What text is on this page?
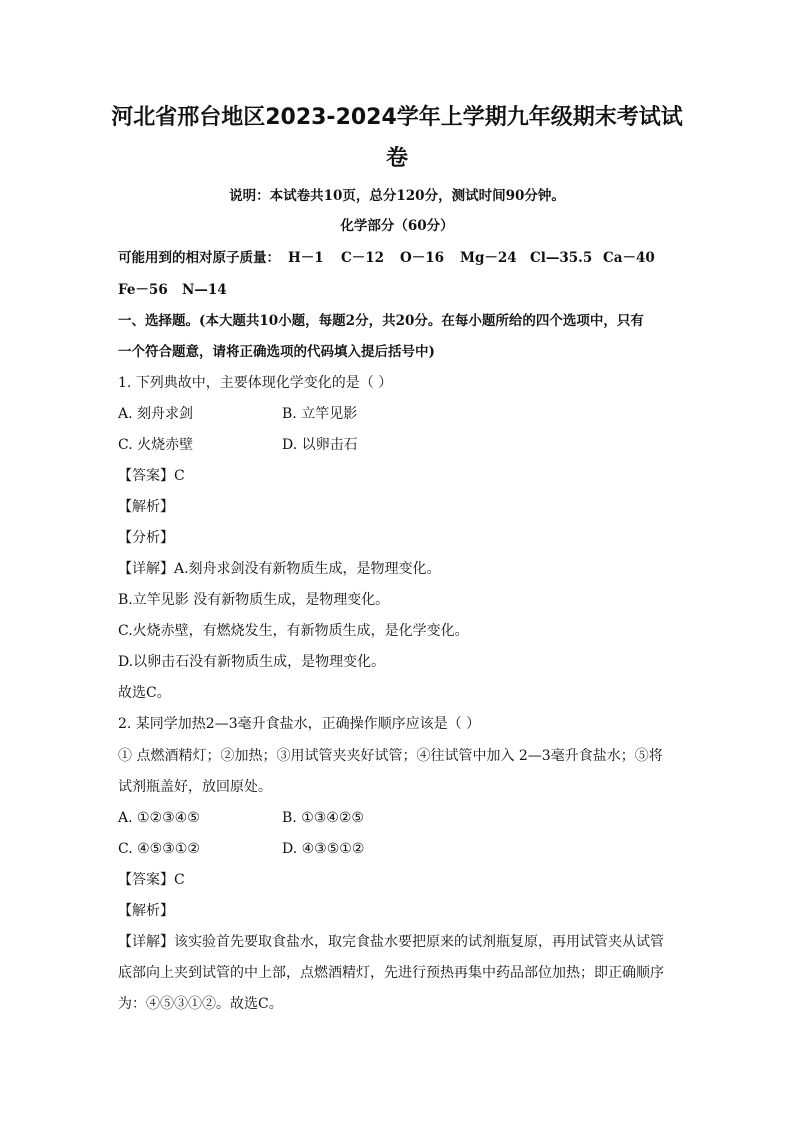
河北省邢台地区2023-2024学年上学期九年级期末考试试
卷
说明：本试卷共10页，总分120分，测试时间90分钟。
化学部分（60分）
可能用到的相对原子质量： H－1 C－12 O－16 Mg－24 Cl—35.5 Ca－40
Fe－56 N—14
一、选择题。(本大题共10小题，每题2分，共20分。在每小题所给的四个选项中，只有
一个符合题意，请将正确选项的代码填入提后括号中)
1. 下列典故中，主要体现化学变化的是（ ）
A. 刻舟求剑	B. 立竿见影
C. 火烧赤壁	D. 以卵击石
【答案】C
【解析】
【分析】
【详解】A.刻舟求剑没有新物质生成，是物理变化。
B.立竿见影 没有新物质生成，是物理变化。
C.火烧赤壁，有燃烧发生，有新物质生成，是化学变化。
D.以卵击石没有新物质生成，是物理变化。
故选C。
2. 某同学加热2—3毫升食盐水，正确操作顺序应该是（ ）
① 点燃酒精灯；②加热；③用试管夹夹好试管；④往试管中加入 2—3毫升食盐水；⑤将
试剂瓶盖好，放回原处。
A. ①②③④⑤	B. ①③④②⑤
C. ④⑤③①②	D. ④③⑤①②
【答案】C
【解析】
【详解】该实验首先要取食盐水，取完食盐水要把原来的试剂瓶复原，再用试管夹从试管
底部向上夹到试管的中上部，点燃酒精灯，先进行预热再集中药品部位加热；即正确顺序
为：④⑤③①②。故选C。
